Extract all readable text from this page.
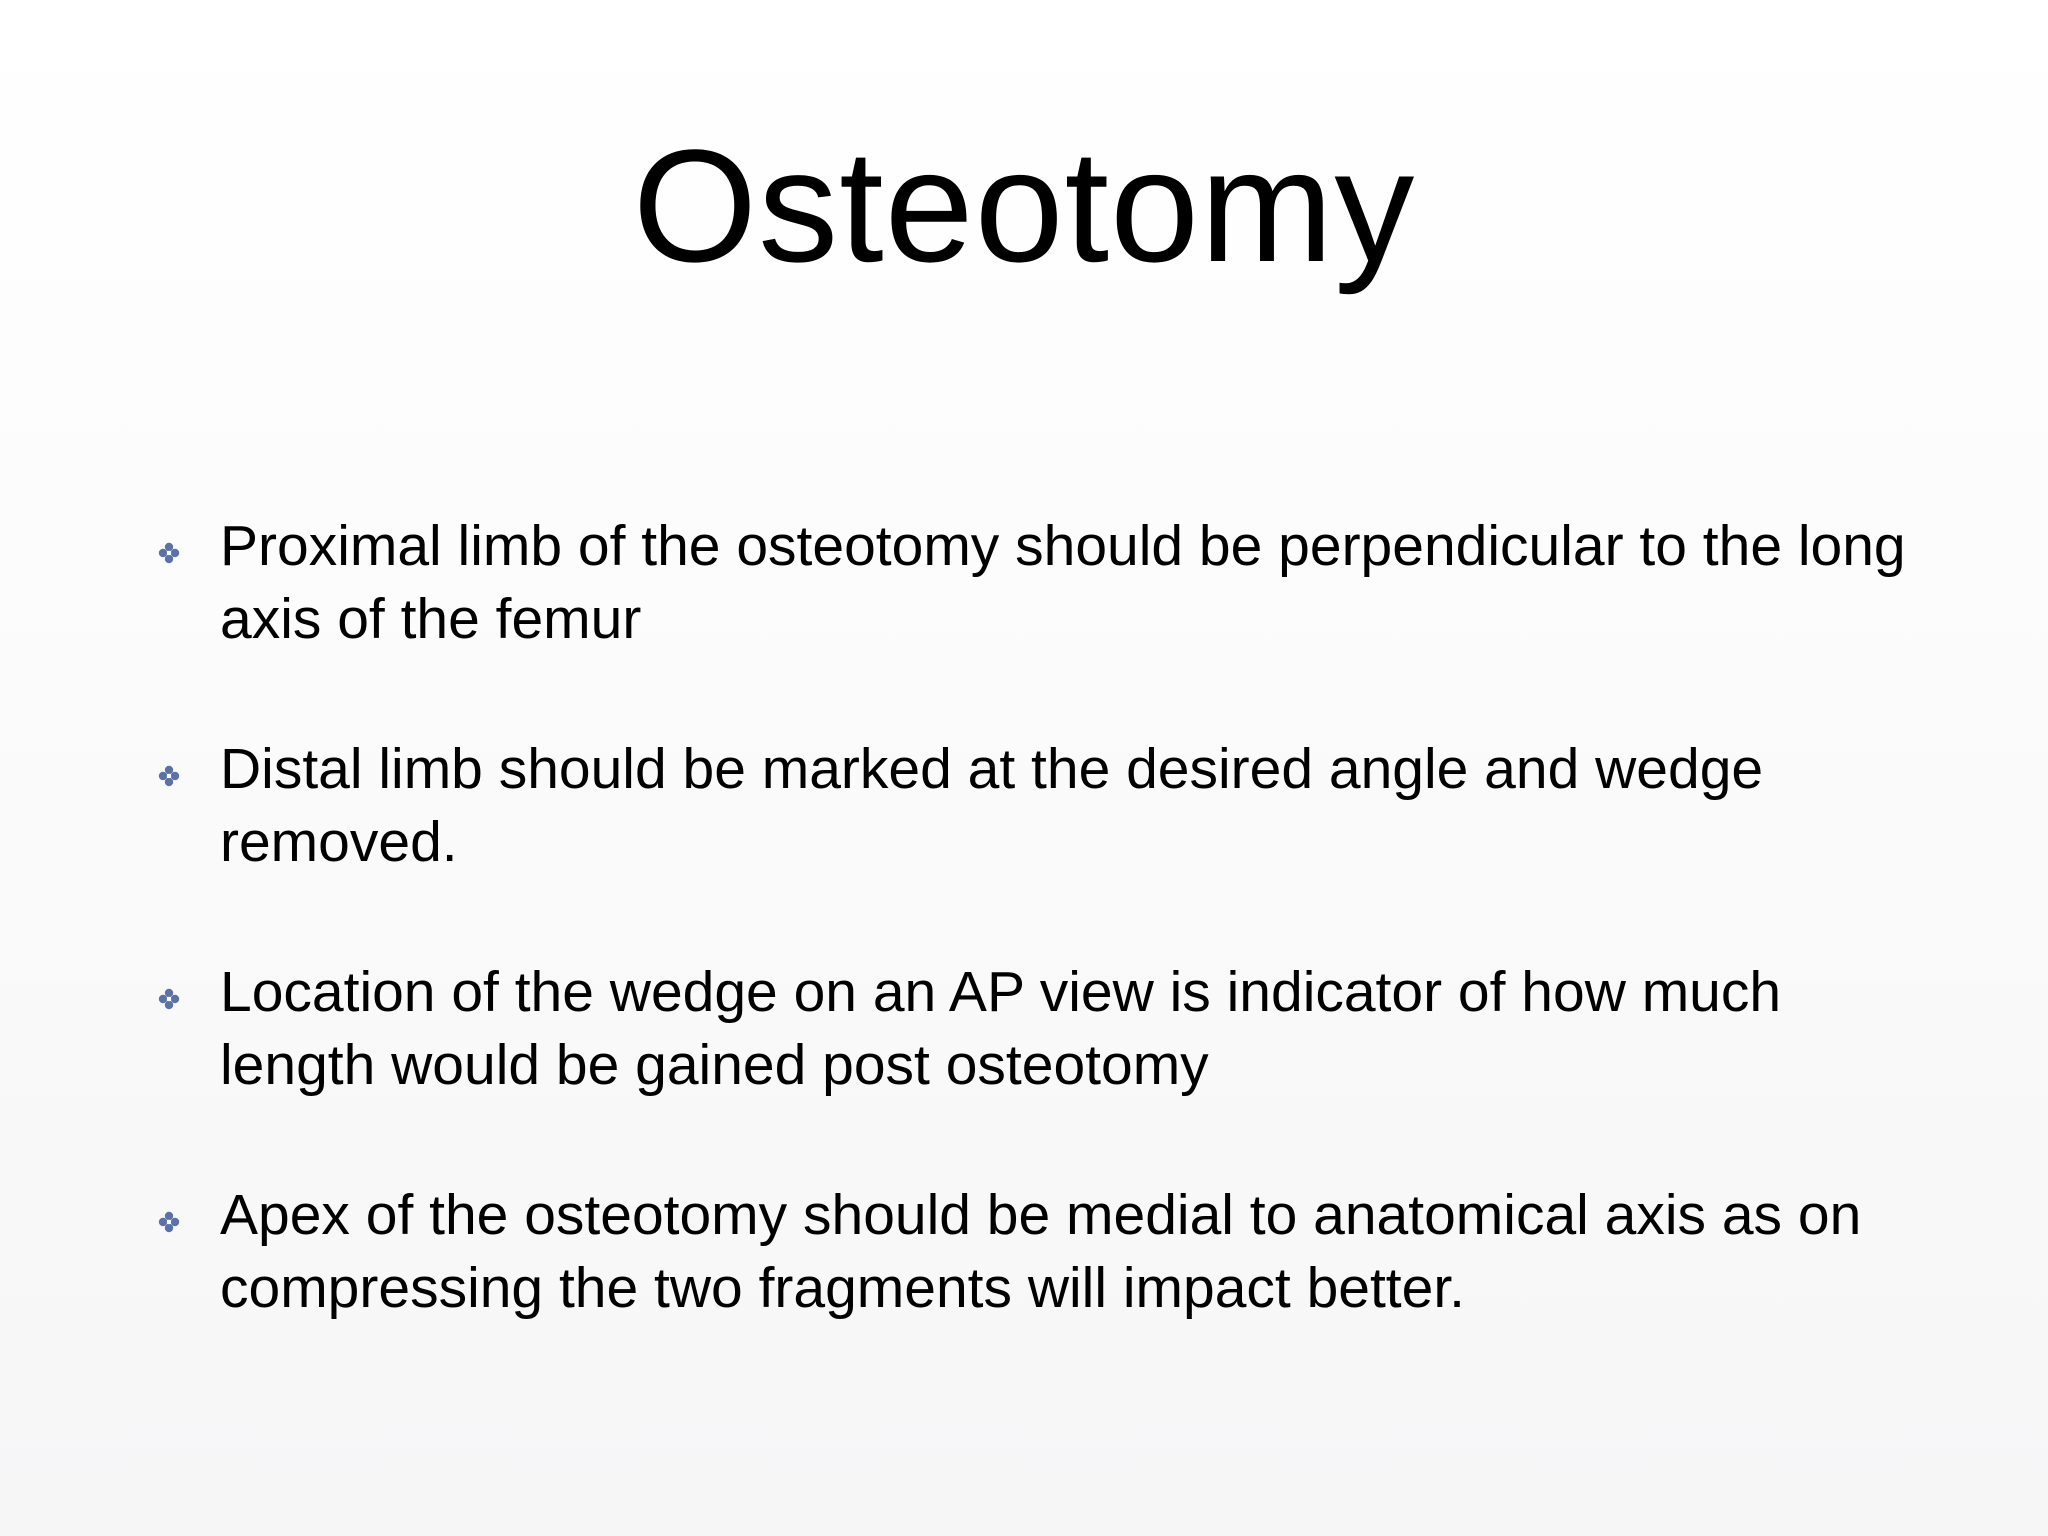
Osteotomy
Proximal limb of the osteotomy should be perpendicular to the long axis of the femur
Distal limb should be marked at the desired angle and wedge removed.
Location of the wedge on an AP view is indicator of how much length would be gained post osteotomy
Apex of the osteotomy should be medial to anatomical axis as on compressing the two fragments will impact better.
